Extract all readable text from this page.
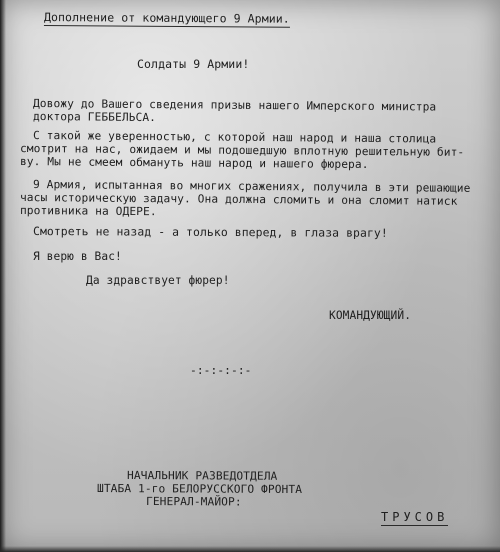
Дополнение от командующего 9 Армии.
Солдаты 9 Армии!
Довожу до Вашего сведения призыв нашего Имперского министра
доктора ГЕББЕЛЬСА.
С такой же уверенностью, с которой наш народ и наша столица
смотрит на нас, ожидаем и мы подошедшую вплотную решительную бит-
ву. Мы не смеем обмануть наш народ и нашего фюрера.
9 Армия, испытанная во многих сражениях, получила в эти решающие
часы историческую задачу. Она должна сломить и она сломит натиск
противника на ОДЕРЕ.
Смотреть не назад - а только вперед, в глаза врагу!
Я верю в Вас!
Да здравствует фюрер!
КОМАНДУЮЩИЙ.
-:-:-:-:-
НАЧАЛЬНИК РАЗВЕДОТДЕЛА
ШТАБА 1-го БЕЛОРУССКОГО ФРОНТА
ГЕНЕРАЛ-МАЙОР:
ТРУСОВ
